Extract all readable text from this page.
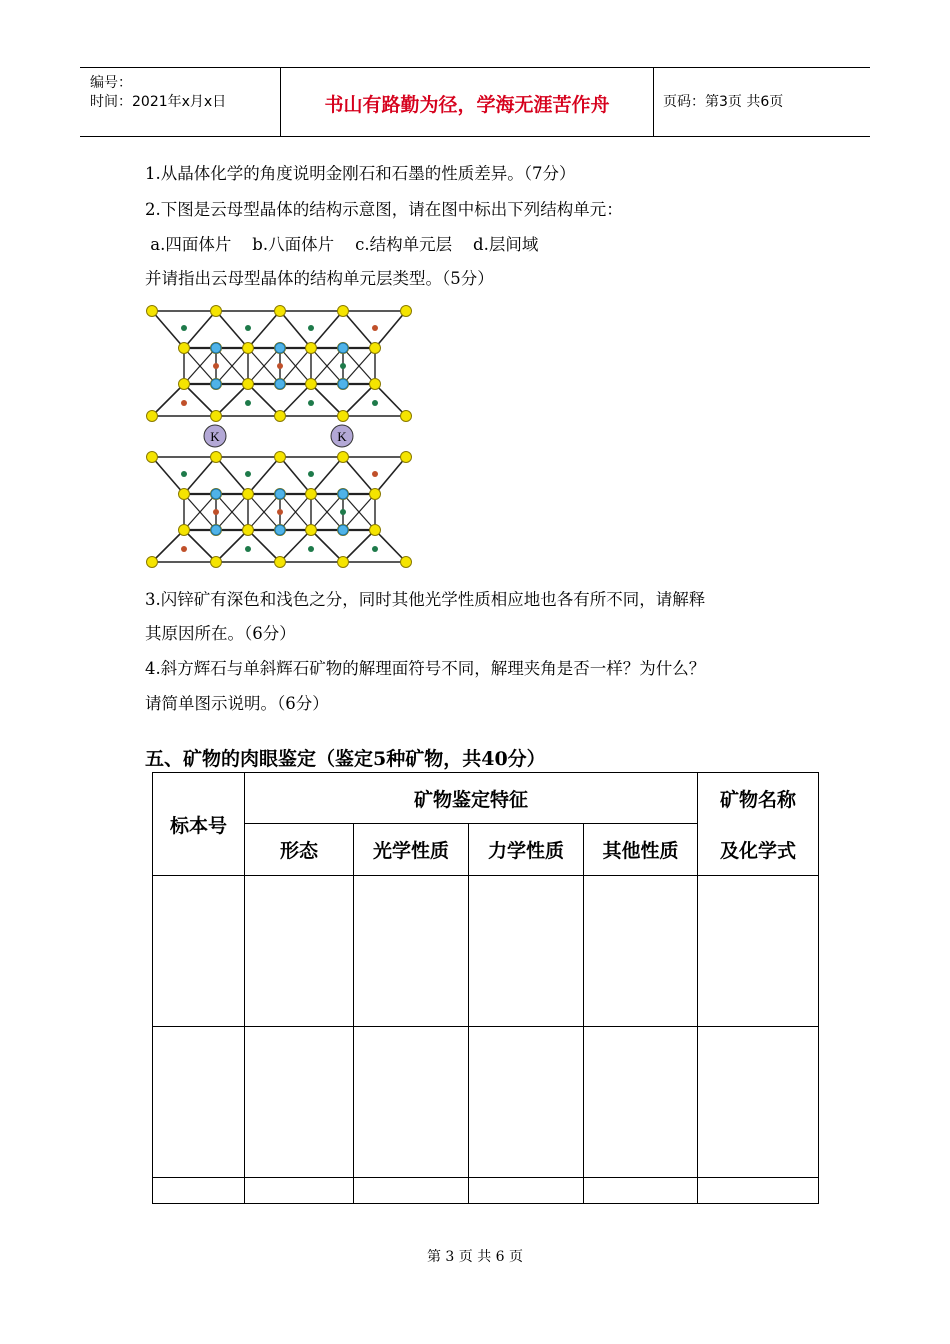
编号：
时间：2021年x月x日	书山有路勤为径，学海无涯苦作舟	页码：第3页 共6页
1.从晶体化学的角度说明金刚石和石墨的性质差异。（7分）
2.下图是云母型晶体的结构示意图，请在图中标出下列结构单元：
a.四面体片    b.八面体片    c.结构单元层    d.层间域
并请指出云母型晶体的结构单元层类型。（5分）
K	K
3.闪锌矿有深色和浅色之分，同时其他光学性质相应地也各有所不同，请解释
其原因所在。（6分）
4.斜方辉石与单斜辉石矿物的解理面符号不同，解理夹角是否一样？为什么？
请简单图示说明。（6分）
五、矿物的肉眼鉴定（鉴定5种矿物，共40分）
标本号	矿物鉴定特征				矿物名称
	形态	光学性质	力学性质	其他性质	及化学式

第 3 页 共 6 页
